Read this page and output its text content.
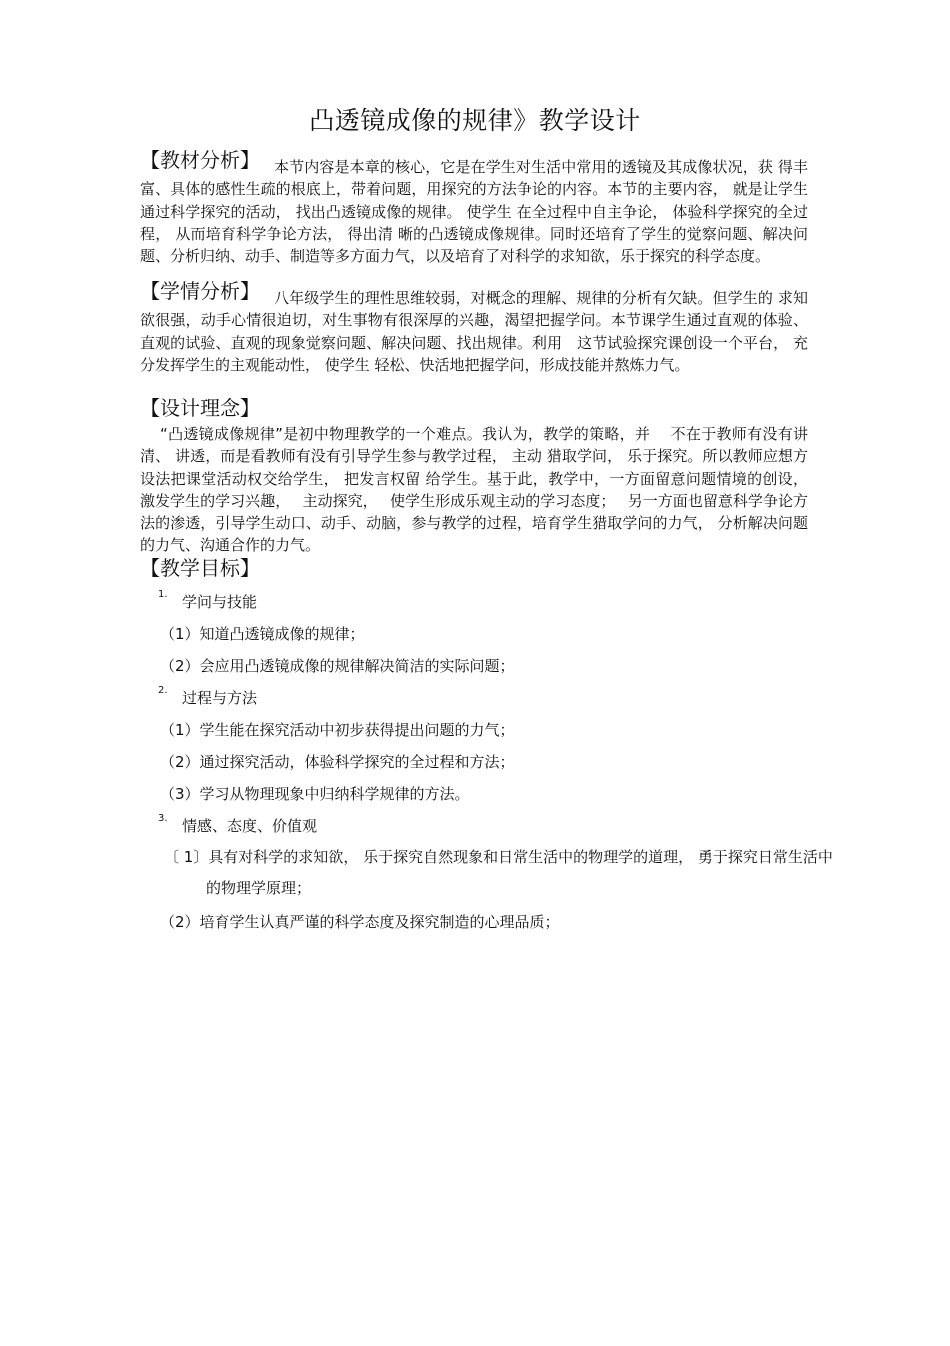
凸透镜成像的规律》教学设计
【教材分析】 本节内容是本章的核心，它是在学生对生活中常用的透镜及其成像状况，获 得丰富、具体的感性生疏的根底上，带着问题，用探究的方法争论的内容。本节的主要内容， 就是让学生通过科学探究的活动， 找出凸透镜成像的规律。 使学生 在全过程中自主争论， 体验科学探究的全过程， 从而培育科学争论方法， 得出清 晰的凸透镜成像规律。同时还培育了学生的觉察问题、解决问题、分析归纳、动手、制造等多方面力气，以及培育了对科学的求知欲，乐于探究的科学态度。
【学情分析】 八年级学生的理性思维较弱，对概念的理解、规律的分析有欠缺。但学生的 求知欲很强，动手心情很迫切，对生事物有很深厚的兴趣，渴望把握学问。本节课学生通过直观的体验、直观的试验、直观的现象觉察问题、解决问题、找出规律。利用　这节试验探究课创设一个平台， 充分发挥学生的主观能动性， 使学生 轻松、快活地把握学问，形成技能并熬炼力气。
【设计理念】
“凸透镜成像规律”是初中物理教学的一个难点。我认为，教学的策略，并　 不在于教师有没有讲清、 讲透，而是看教师有没有引导学生参与教学过程， 主动 猎取学问， 乐于探究。所以教师应想方设法把课堂活动权交给学生， 把发言权留 给学生。基于此，教学中，一方面留意问题情境的创设，激发学生的学习兴趣，　 主动探究，　 使学生形成乐观主动的学习态度；　 另一方面也留意科学争论方法的渗透，引导学生动口、动手、动脑，参与教学的过程，培育学生猎取学问的力气， 分析解决问题的力气、沟通合作的力气。
【教学目标】
1. 学问与技能
（1）知道凸透镜成像的规律；
（2）会应用凸透镜成像的规律解决简洁的实际问题；
2. 过程与方法
（1）学生能在探究活动中初步获得提出问题的力气；
（2）通过探究活动，体验科学探究的全过程和方法；
（3）学习从物理现象中归纳科学规律的方法。
3. 情感、态度、价值观
〔 1〕具有对科学的求知欲， 乐于探究自然现象和日常生活中的物理学的道理， 勇于探究日常生活中的物理学原理；
（2）培育学生认真严谨的科学态度及探究制造的心理品质；
